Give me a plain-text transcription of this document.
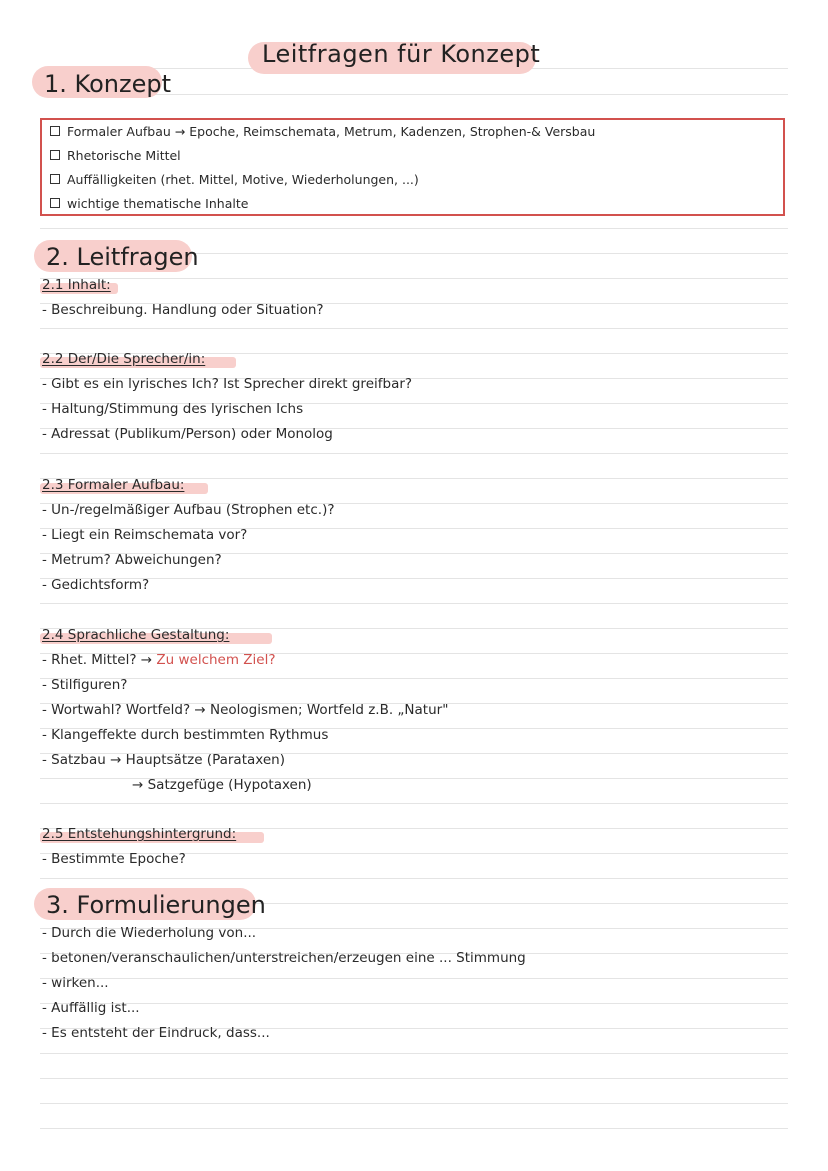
Leitfragen für Konzept
1. Konzept
Formaler Aufbau → Epoche, Reimschemata, Metrum, Kadenzen, Strophen-& Versbau
Rhetorische Mittel
Auffälligkeiten (rhet. Mittel, Motive, Wiederholungen, ...)
wichtige thematische Inhalte
2. Leitfragen
2.1 Inhalt:
- Beschreibung. Handlung oder Situation?
2.2 Der/Die Sprecher/in:
- Gibt es ein lyrisches Ich? Ist Sprecher direkt greifbar?
- Haltung/Stimmung des lyrischen Ichs
- Adressat (Publikum/Person) oder Monolog
2.3 Formaler Aufbau:
- Un-/regelmäßiger Aufbau (Strophen etc.)?
- Liegt ein Reimschemata vor?
- Metrum? Abweichungen?
- Gedichtsform?
2.4 Sprachliche Gestaltung:
- Rhet. Mittel? → Zu welchem Ziel?
- Stilfiguren?
- Wortwahl? Wortfeld? → Neologismen; Wortfeld z.B. „Natur"
- Klangeffekte durch bestimmten Rythmus
- Satzbau → Hauptsätze (Parataxen)
→ Satzgefüge (Hypotaxen)
2.5 Entstehungshintergrund:
- Bestimmte Epoche?
3. Formulierungen
- Durch die Wiederholung von...
- betonen/veranschaulichen/unterstreichen/erzeugen eine ... Stimmung
- wirken...
- Auffällig ist...
- Es entsteht der Eindruck, dass...
